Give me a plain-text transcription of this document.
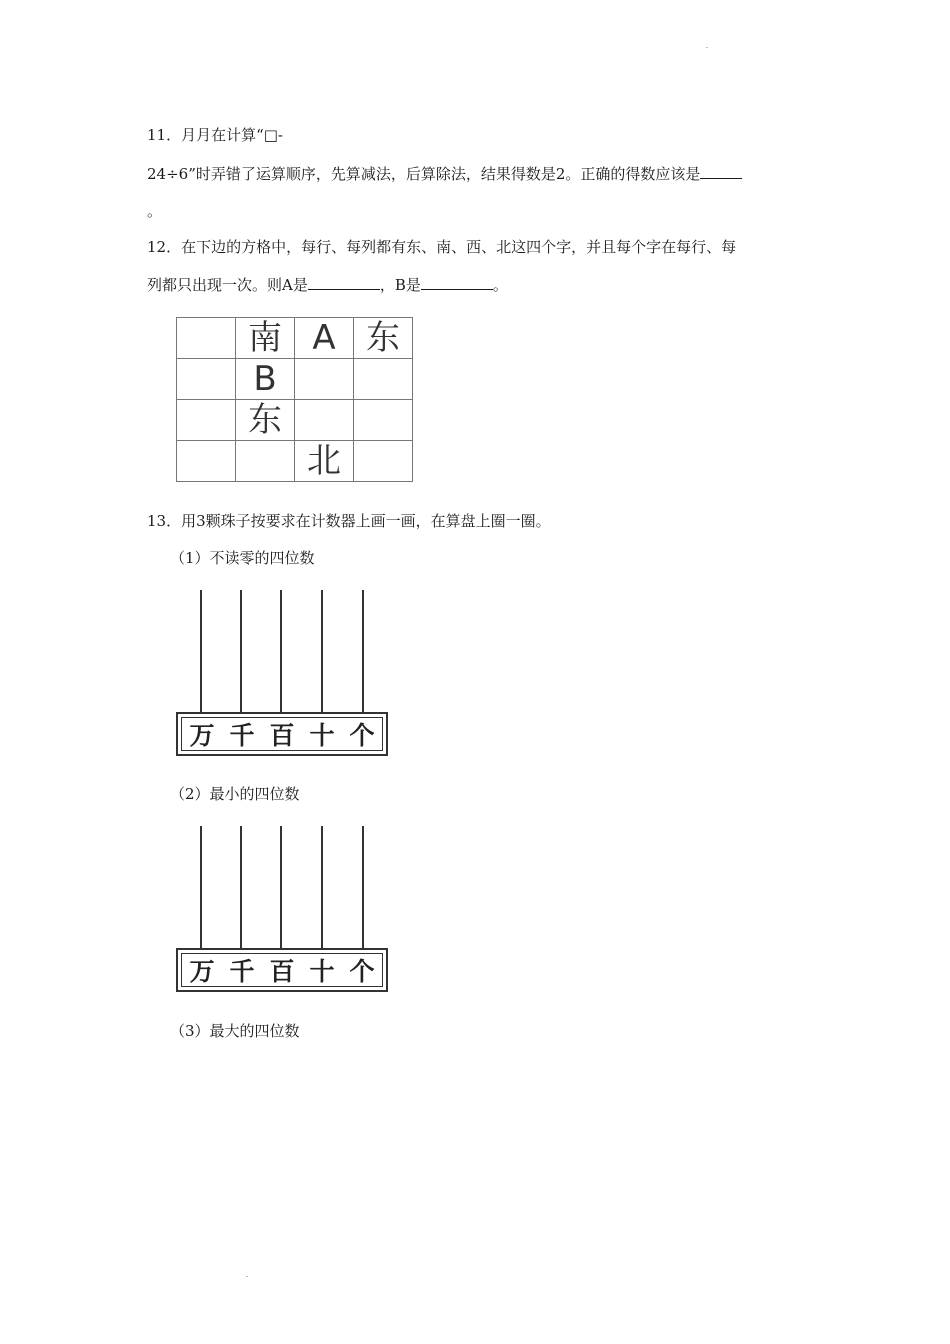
11．月月在计算“□-
24÷6”时弄错了运算顺序，先算减法，后算除法，结果得数是2。正确的得数应该是
。
12．在下边的方格中，每行、每列都有东、南、西、北这四个字，并且每个字在每行、每
列都只出现一次。则A是	，B是	。
	南	A	东
	B		
	东		
		北	
13．用3颗珠子按要求在计数器上画一画，在算盘上圈一圈。
（1）不读零的四位数
万 千 百 十 个
（2）最小的四位数
万 千 百 十 个
（3）最大的四位数
